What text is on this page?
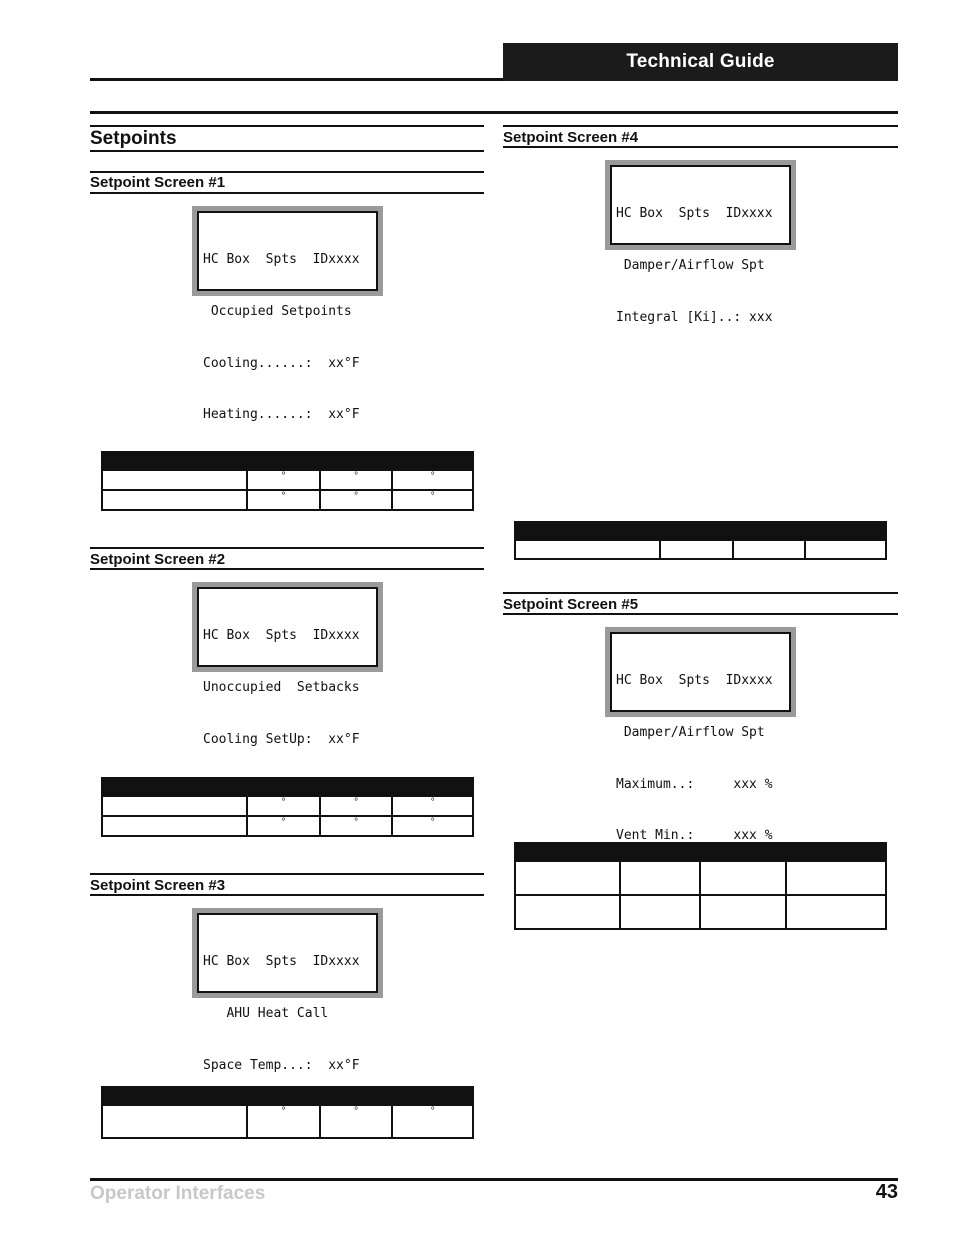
Technical Guide
Setpoints
Setpoint Screen #1

HC Box  Spts  IDxxxx

Occupied Setpoints

Cooling......:  xx°F

Heating......:  xx°F

	°	°	°
	°	°	°
Setpoint Screen #2

HC Box  Spts  IDxxxx

Unoccupied  Setbacks

Cooling SetUp:  xx°F

	°	°	°
	°	°	°
Setpoint Screen #3

HC Box  Spts  IDxxxx

AHU Heat Call

Space Temp...:  xx°F

	°	°	°
Setpoint Screen #4

HC Box  Spts  IDxxxx

Damper/Airflow Spt

Integral [Ki]..: xxx

Setpoint Screen #5

HC Box  Spts  IDxxxx

Damper/Airflow Spt

Maximum..:     xxx %

Vent Min.:     xxx %

Operator Interfaces	43
